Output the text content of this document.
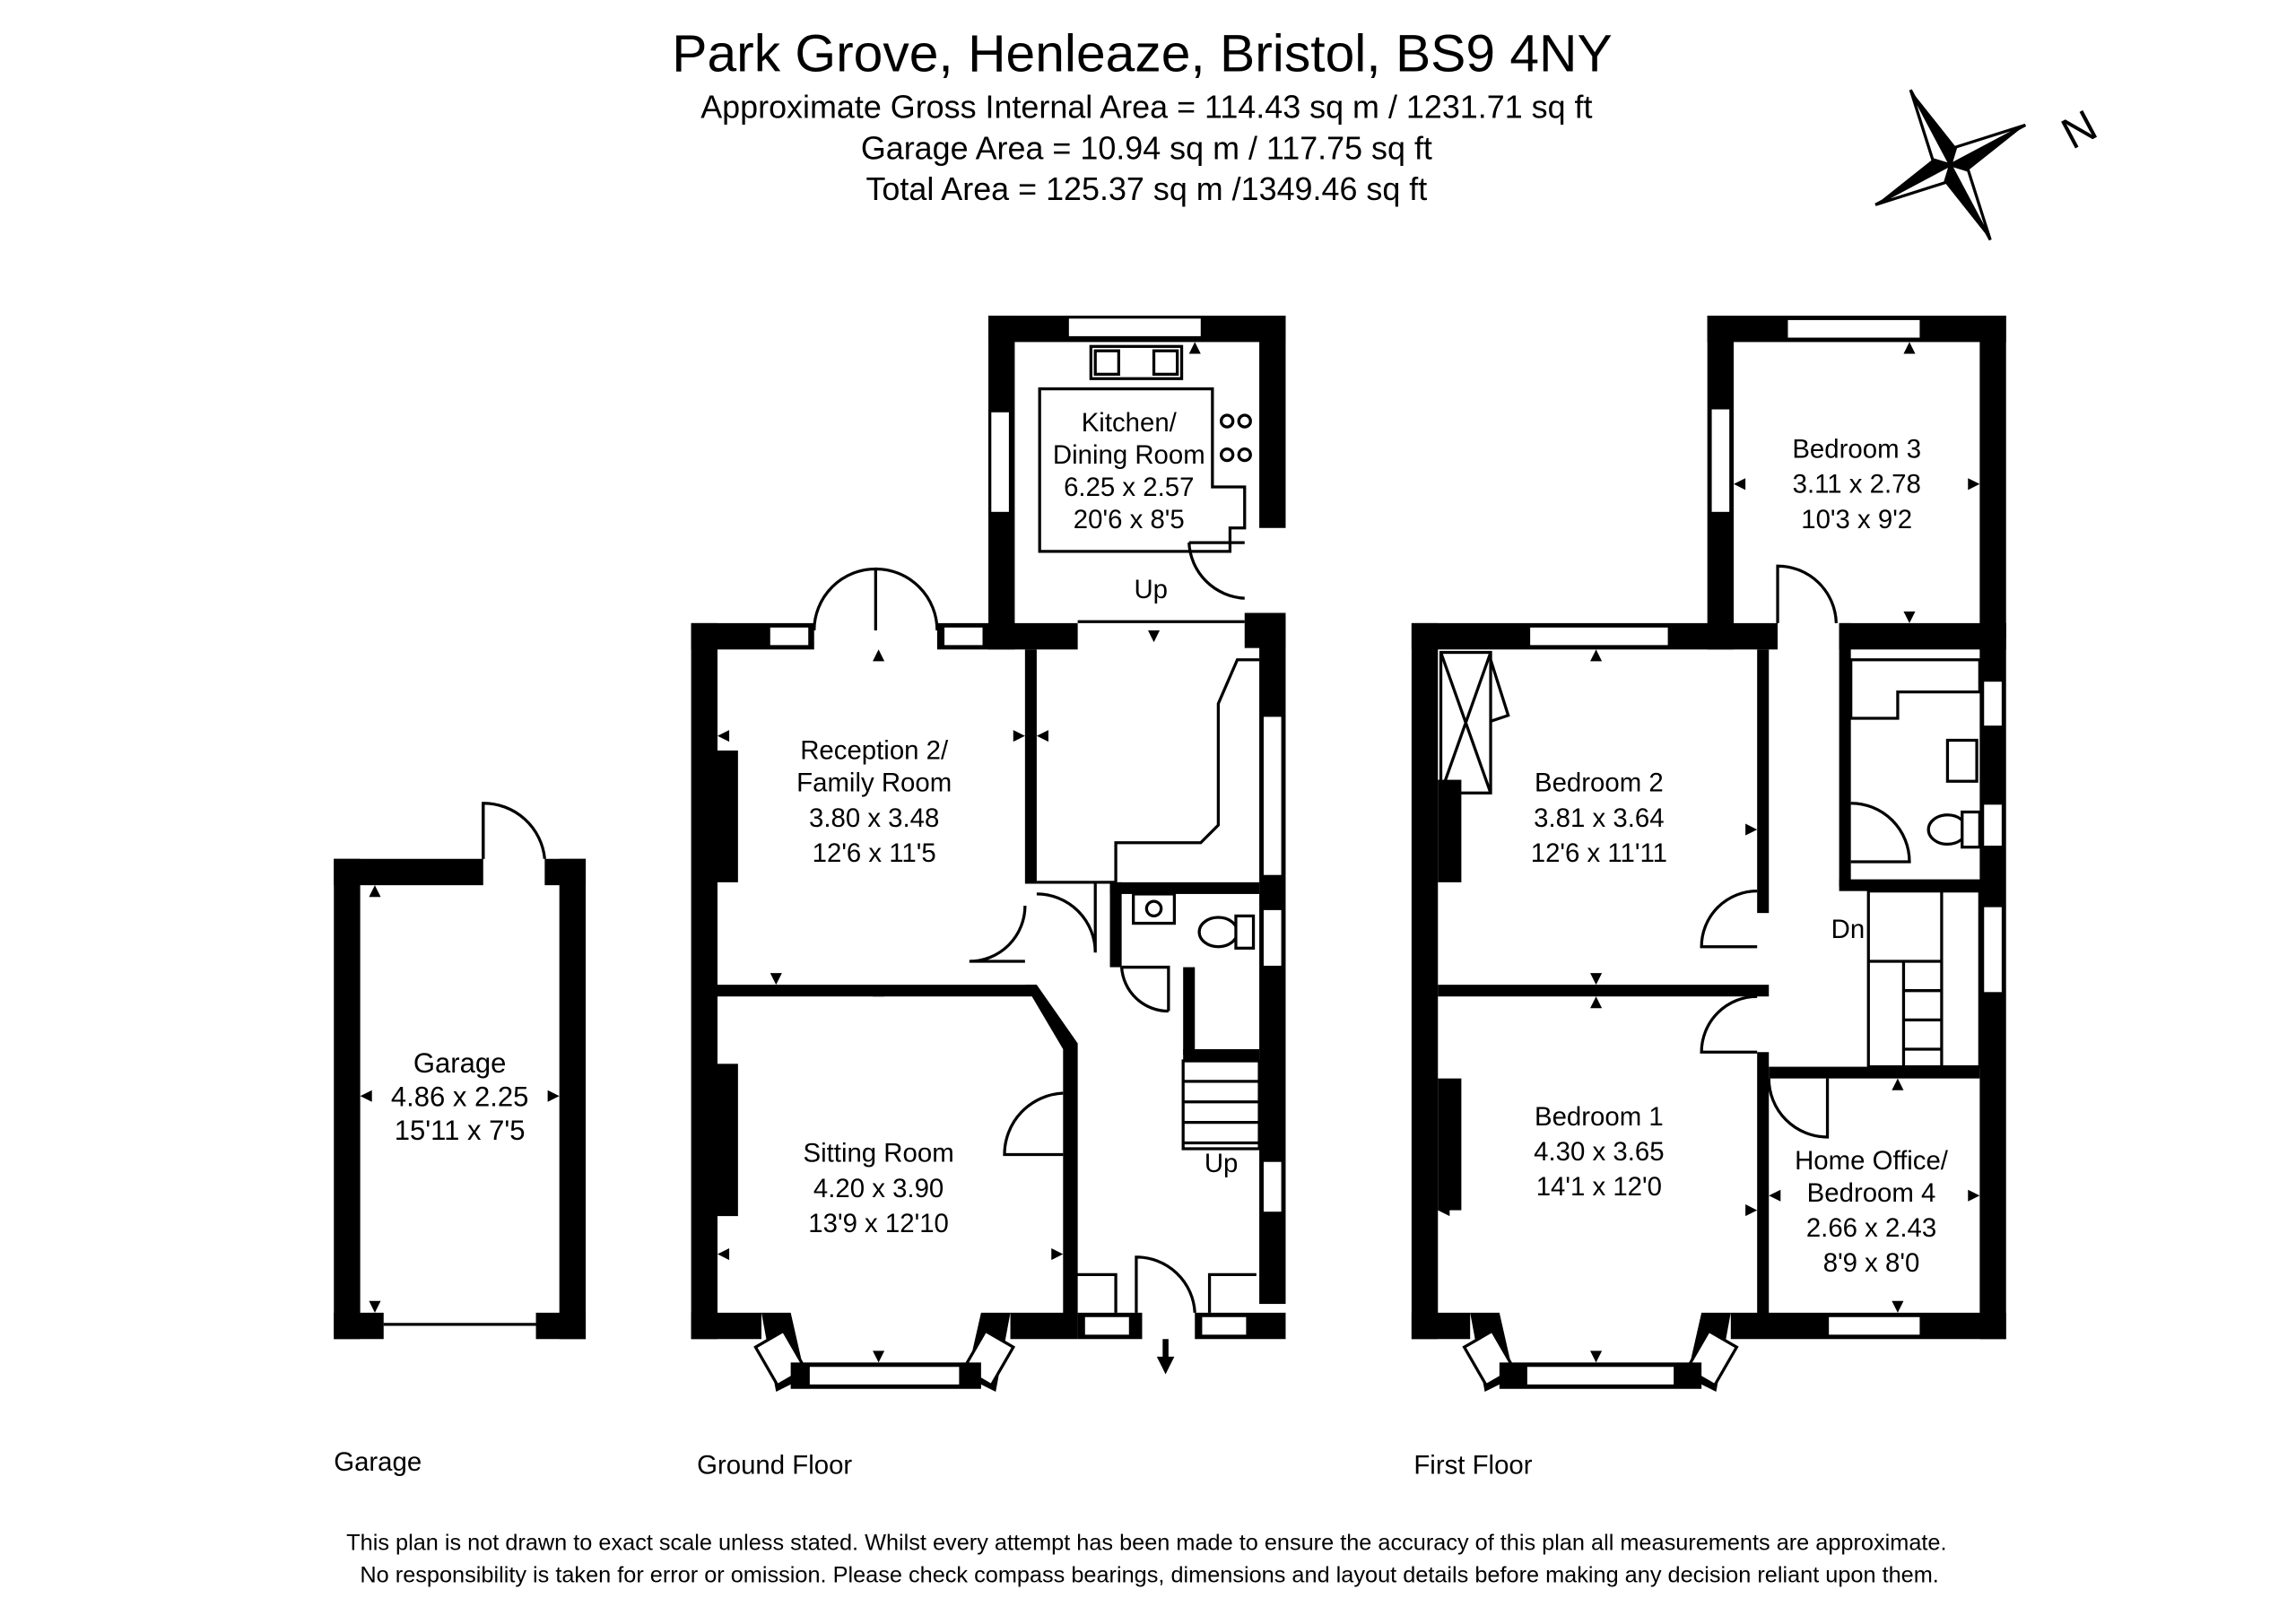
Park Grove, Henleaze, Bristol, BS9 4NY
Approximate Gross Internal Area = 114.43 sq m / 1231.71 sq ft
Garage Area = 10.94 sq m / 117.75 sq ft
Total Area = 125.37 sq m /1349.46 sq ft
N
Garage
4.86 x 2.25
15'11 x 7'5
Kitchen/
Dining Room
6.25 x 2.57
20'6 x 8'5
Up
Reception 2/
Family Room
3.80 x 3.48
12'6 x 11'5
Sitting Room
4.20 x 3.90
13'9 x 12'10
Up
Bedroom 3
3.11 x 2.78
10'3 x 9'2
Bedroom 2
3.81 x 3.64
12'6 x 11'11
Bedroom 1
4.30 x 3.65
14'1 x 12'0
Home Office/
Bedroom 4
2.66 x 2.43
8'9 x 8'0
Dn
Garage	Ground Floor	First Floor
This plan is not drawn to exact scale unless stated. Whilst every attempt has been made to ensure the accuracy of this plan all measurements are approximate.
No responsibility is taken for error or omission. Please check compass bearings, dimensions and layout details before making any decision reliant upon them.
